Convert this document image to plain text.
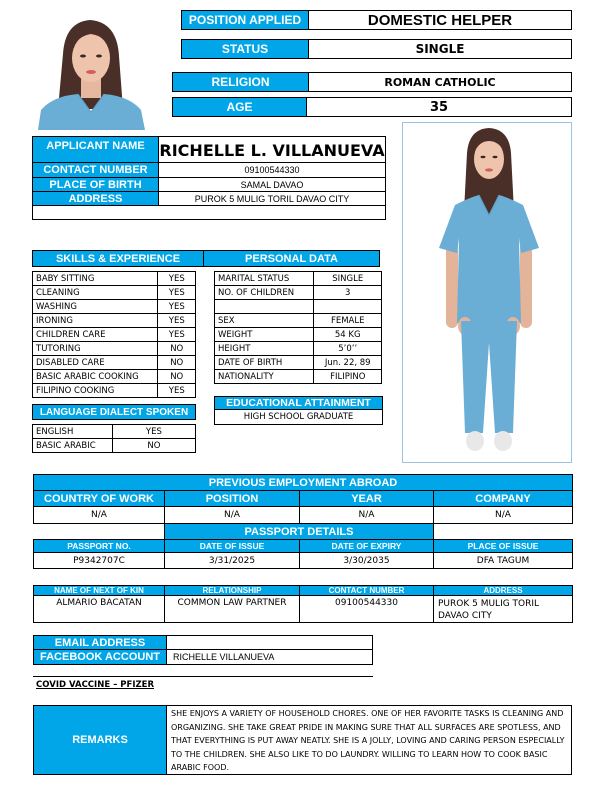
POSITION APPLIED	DOMESTIC HELPER
STATUS	SINGLE
RELIGION	ROMAN CATHOLIC
AGE	35
APPLICANT NAME RICHELLE L. VILLANUEVA
CONTACT NUMBER	09100544330
PLACE OF BIRTH	SAMAL DAVAO
ADDRESS	PUROK 5 MULIG TORIL DAVAO CITY
SKILLS & EXPERIENCE	PERSONAL DATA
BABY SITTING	YES
CLEANING	YES
WASHING	YES
IRONING	YES
CHILDREN CARE	YES
TUTORING	NO
DISABLED CARE	NO
BASIC ARABIC COOKING	NO
FILIPINO COOKING	YES
LANGUAGE DIALECT SPOKEN
ENGLISH	YES
BASIC ARABIC	NO
MARITAL STATUS	SINGLE
NO. OF CHILDREN	3

SEX	FEMALE
WEIGHT	54 KG
HEIGHT	5’0’’
DATE OF BIRTH	Jun. 22, 89
NATIONALITY	FILIPINO
EDUCATIONAL ATTAINMENT
HIGH SCHOOL GRADUATE
PREVIOUS EMPLOYMENT ABROAD			
COUNTRY OF WORK	POSITION	YEAR	COMPANY
N/A	N/A	N/A	N/A
	PASSPORT DETAILS		
PASSPORT NO.	DATE OF ISSUE	DATE OF EXPIRY	PLACE OF ISSUE
P9342707C	3/31/2025	3/30/2035	DFA TAGUM
NAME OF NEXT OF KIN	RELATIONSHIP	CONTACT NUMBER	ADDRESS
ALMARIO BACATAN	COMMON LAW PARTNER	09100544330	PUROK 5 MULIG TORIL DAVAO CITY
EMAIL ADDRESS
FACEBOOK ACCOUNT	RICHELLE VILLANUEVA
COVID VACCINE – PFIZER
REMARKS
SHE ENJOYS A VARIETY OF HOUSEHOLD CHORES. ONE OF HER FAVORITE TASKS IS CLEANING AND ORGANIZING. SHE TAKE GREAT PRIDE IN MAKING SURE THAT ALL SURFACES ARE SPOTLESS, AND THAT EVERYTHING IS PUT AWAY NEATLY. SHE IS A JOLLY, LOVING AND CARING PERSON ESPECIALLY TO THE CHILDREN. SHE ALSO LIKE TO DO LAUNDRY. WILLING TO LEARN HOW TO COOK BASIC ARABIC FOOD.
